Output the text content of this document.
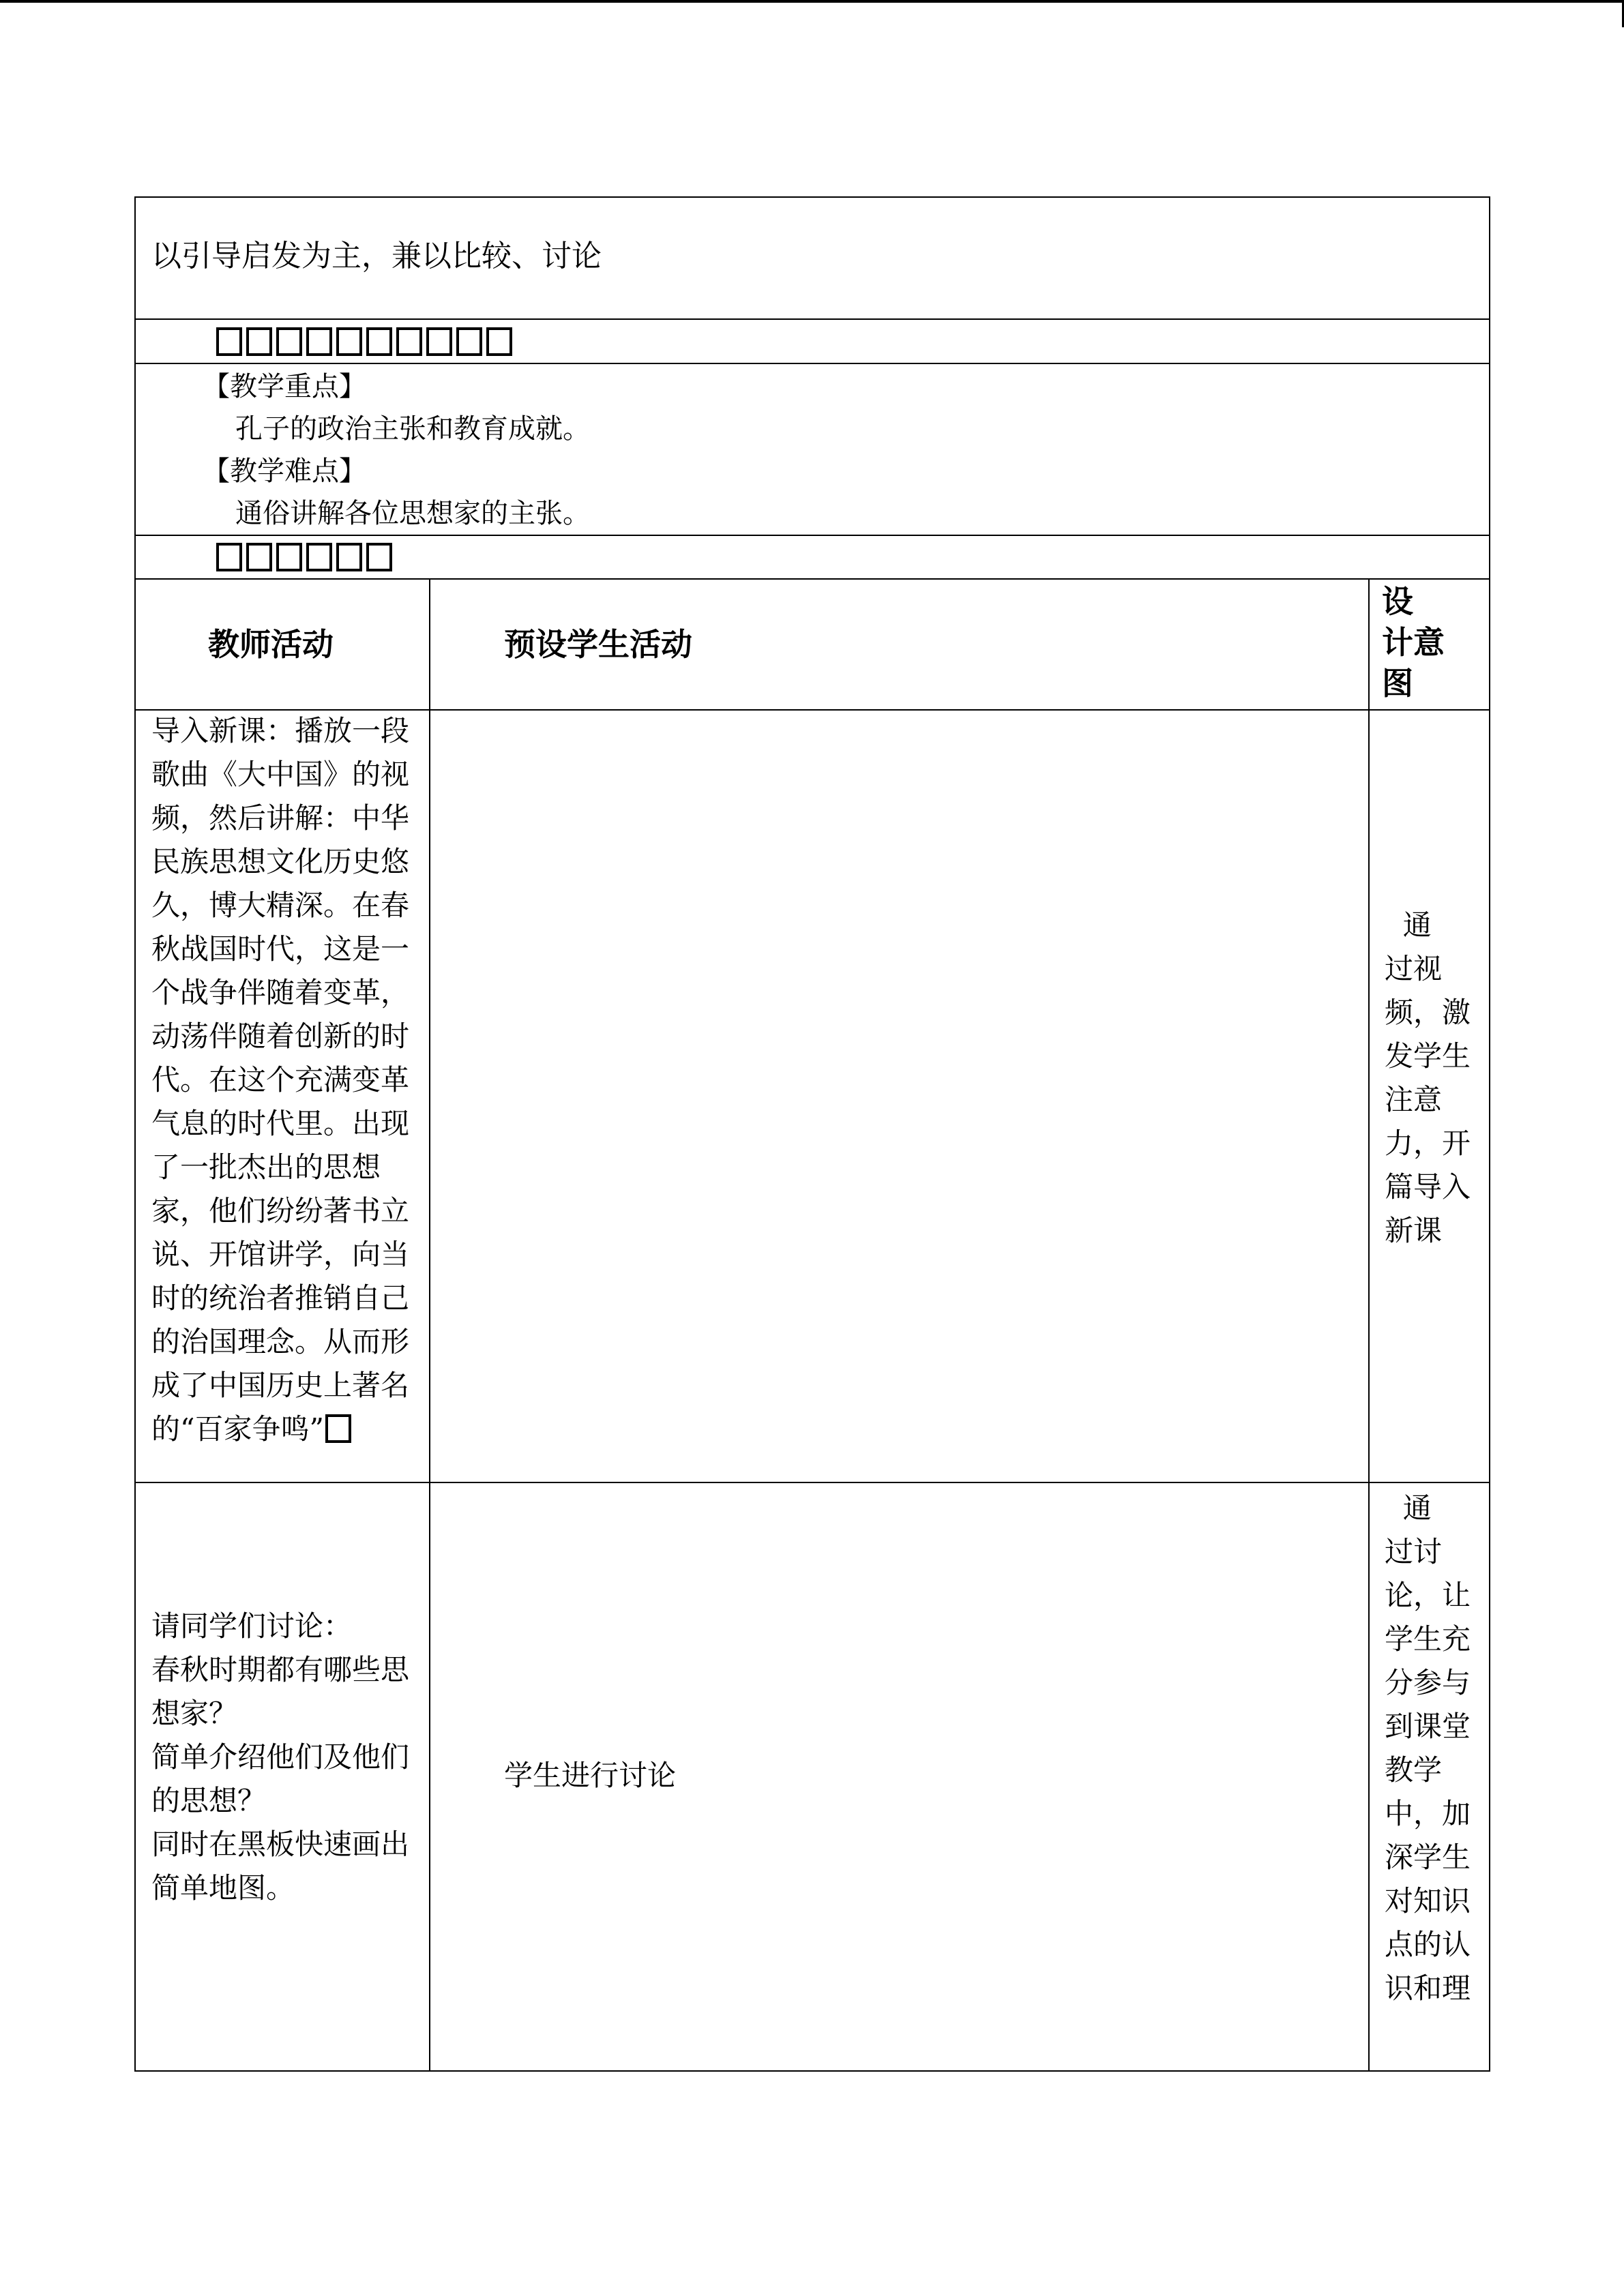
以引导启发为主，兼以比较、讨论
【教学重点】
孔子的政治主张和教育成就。
【教学难点】
通俗讲解各位思想家的主张。
教师活动	预设学生活动
设
计意
图
导入新课：播放一段
歌曲《大中国》的视
频，然后讲解：中华
民族思想文化历史悠
久，博大精深。在春
秋战国时代，这是一
个战争伴随着变革，
动荡伴随着创新的时
代。在这个充满变革
气息的时代里。出现
了一批杰出的思想
家，他们纷纷著书立
说、开馆讲学，向当
时的统治者推销自己
的治国理念。从而形
成了中国历史上著名
的“百家争鸣”
通
过视
频，激
发学生
注意
力，开
篇导入
新课
请同学们讨论：
春秋时期都有哪些思
想家？
简单介绍他们及他们
的思想？
同时在黑板快速画出
简单地图。
学生进行讨论
通
过讨
论，让
学生充
分参与
到课堂
教学
中，加
深学生
对知识
点的认
识和理
